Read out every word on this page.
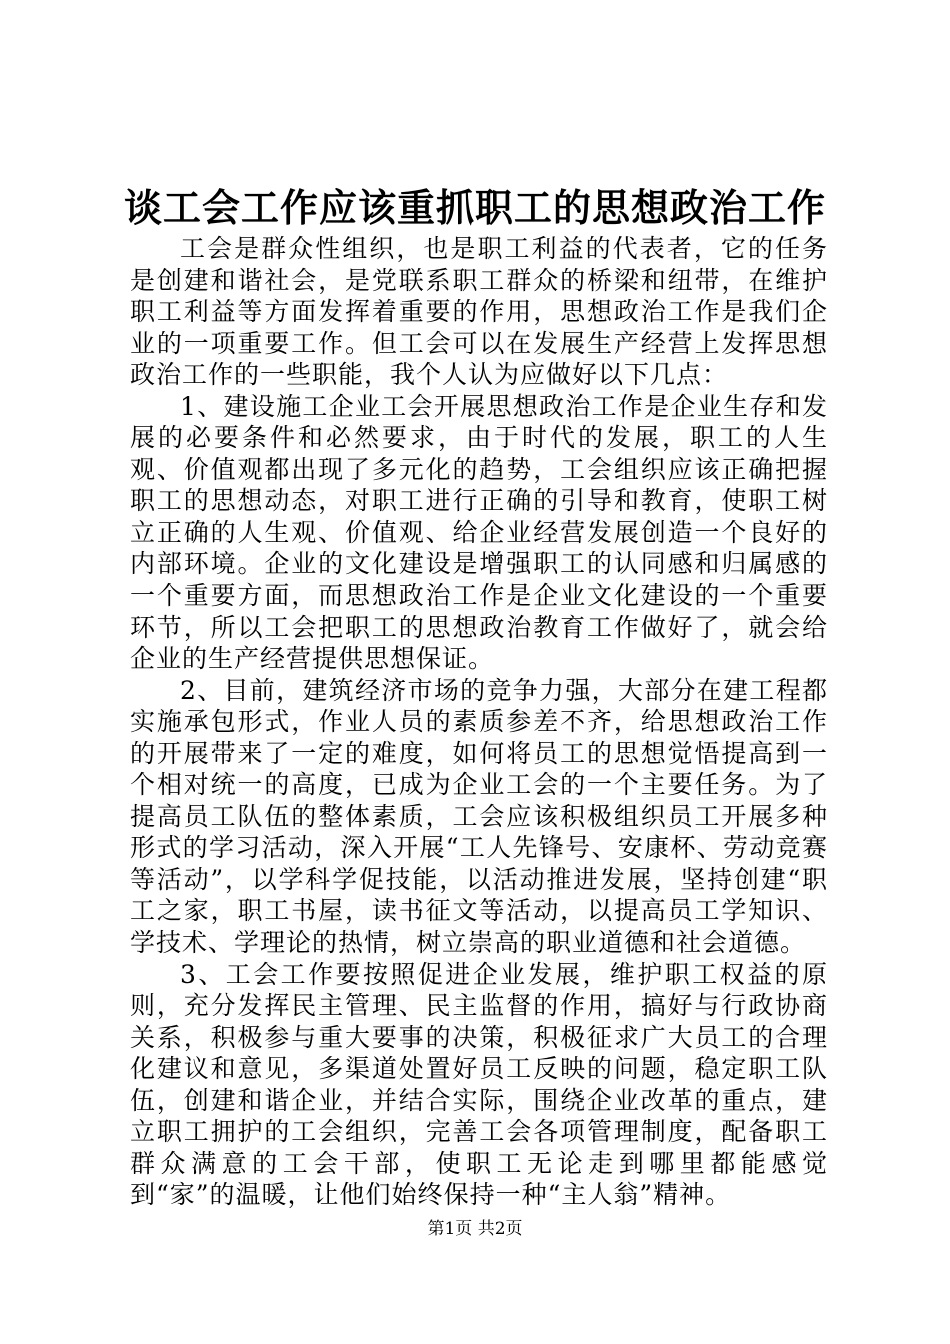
谈工会工作应该重抓职工的思想政治工作

工会是群众性组织，也是职工利益的代表者，它的任务是创建和谐社会，是党联系职工群众的桥梁和纽带，在维护职工利益等方面发挥着重要的作用，思想政治工作是我们企业的一项重要工作。但工会可以在发展生产经营上发挥思想政治工作的一些职能，我个人认为应做好以下几点：

1、建设施工企业工会开展思想政治工作是企业生存和发展的必要条件和必然要求，由于时代的发展，职工的人生观、价值观都出现了多元化的趋势，工会组织应该正确把握职工的思想动态，对职工进行正确的引导和教育，使职工树立正确的人生观、价值观、给企业经营发展创造一个良好的内部环境。企业的文化建设是增强职工的认同感和归属感的一个重要方面，而思想政治工作是企业文化建设的一个重要环节，所以工会把职工的思想政治教育工作做好了，就会给企业的生产经营提供思想保证。

2、目前，建筑经济市场的竞争力强，大部分在建工程都实施承包形式，作业人员的素质参差不齐，给思想政治工作的开展带来了一定的难度，如何将员工的思想觉悟提高到一个相对统一的高度，已成为企业工会的一个主要任务。为了提高员工队伍的整体素质，工会应该积极组织员工开展多种形式的学习活动，深入开展“工人先锋号、安康杯、劳动竞赛等活动”，以学科学促技能，以活动推进发展，坚持创建“职工之家，职工书屋，读书征文等活动，以提高员工学知识、学技术、学理论的热情，树立崇高的职业道德和社会道德。

3、工会工作要按照促进企业发展，维护职工权益的原则，充分发挥民主管理、民主监督的作用，搞好与行政协商关系，积极参与重大要事的决策，积极征求广大员工的合理化建议和意见，多渠道处置好员工反映的问题，稳定职工队伍，创建和谐企业，并结合实际，围绕企业改革的重点，建立职工拥护的工会组织，完善工会各项管理制度，配备职工群众满意的工会干部，使职工无论走到哪里都能感觉到“家”的温暖，让他们始终保持一种“主人翁”精神。

第1页 共2页
